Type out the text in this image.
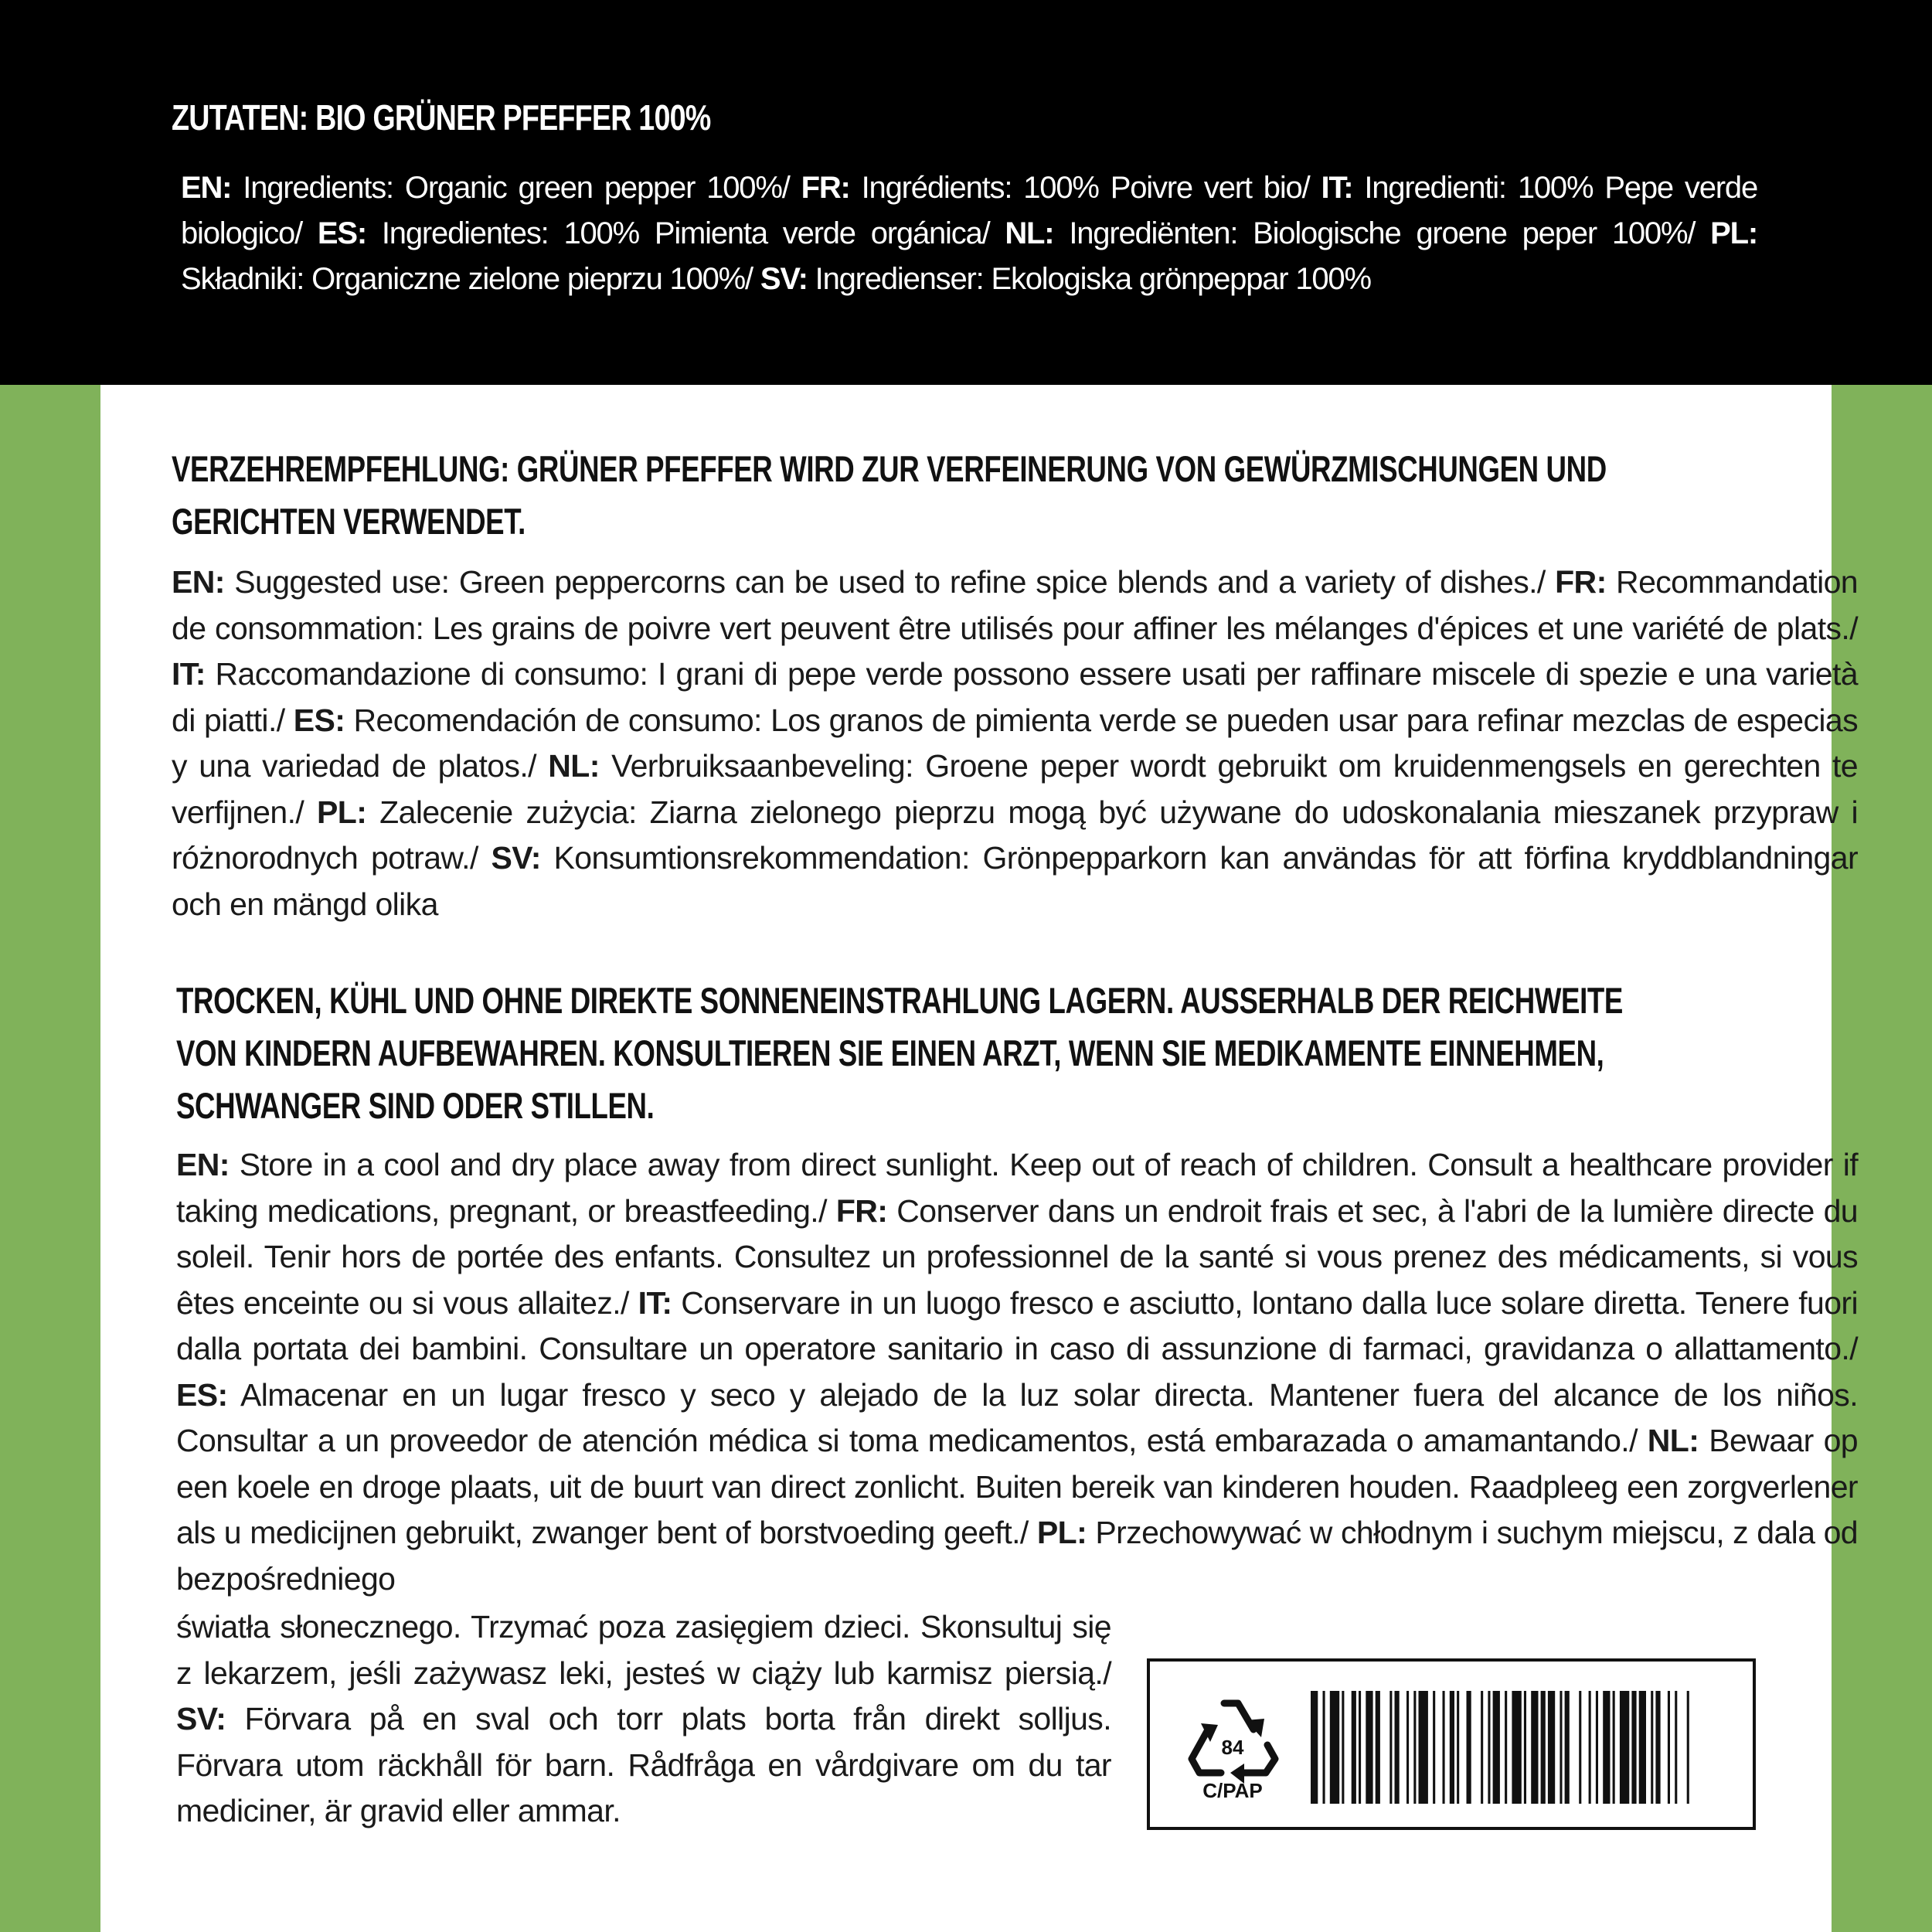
ZUTATEN: BIO GRÜNER PFEFFER 100%

EN: Ingredients: Organic green pepper 100%/ FR: Ingrédients: 100% Poivre vert bio/ IT: Ingredienti: 100% Pepe verde biologico/ ES: Ingredientes: 100% Pimienta verde orgánica/ NL: Ingrediënten: Biologische groene peper 100%/ PL: Składniki: Organiczne zielone pieprzu 100%/ SV: Ingredienser: Ekologiska grönpeppar 100%

VERZEHREMPFEHLUNG: GRÜNER PFEFFER WIRD ZUR VERFEINERUNG VON GEWÜRZMISCHUNGEN UND
GERICHTEN VERWENDET.

EN: Suggested use: Green peppercorns can be used to refine spice blends and a variety of dishes./ FR: Recommandation de consommation: Les grains de poivre vert peuvent être utilisés pour affiner les mélanges d'épices et une variété de plats./ IT: Raccomandazione di consumo: I grani di pepe verde possono essere usati per raffinare miscele di spezie e una varietà di piatti./ ES: Recomendación de consumo: Los granos de pimienta verde se pueden usar para refinar mezclas de especias y una variedad de platos./ NL: Verbruiksaanbeveling: Groene peper wordt gebruikt om kruidenmengsels en gerechten te verfijnen./ PL: Zalecenie zużycia: Ziarna zielonego pieprzu mogą być używane do udoskonalania mieszanek przypraw i różnorodnych potraw./ SV: Konsumtionsrekommendation: Grönpepparkorn kan användas för att förfina kryddblandningar och en mängd olika

TROCKEN, KÜHL UND OHNE DIREKTE SONNENEINSTRAHLUNG LAGERN. AUSSERHALB DER REICHWEITE
VON KINDERN AUFBEWAHREN. KONSULTIEREN SIE EINEN ARZT, WENN SIE MEDIKAMENTE EINNEHMEN,
SCHWANGER SIND ODER STILLEN.

EN: Store in a cool and dry place away from direct sunlight. Keep out of reach of children. Consult a healthcare provider if taking medications, pregnant, or breastfeeding./ FR: Conserver dans un endroit frais et sec, à l'abri de la lumière directe du soleil. Tenir hors de portée des enfants. Consultez un professionnel de la santé si vous prenez des médicaments, si vous êtes enceinte ou si vous allaitez./ IT: Conservare in un luogo fresco e asciutto, lontano dalla luce solare diretta. Tenere fuori dalla portata dei bambini. Consultare un operatore sanitario in caso di assunzione di farmaci, gravidanza o allattamento./ ES: Almacenar en un lugar fresco y seco y alejado de la luz solar directa. Mantener fuera del alcance de los niños. Consultar a un proveedor de atención médica si toma medicamentos, está embarazada o amamantando./ NL: Bewaar op een koele en droge plaats, uit de buurt van direct zonlicht. Buiten bereik van kinderen houden. Raadpleeg een zorgverlener als u medicijnen gebruikt, zwanger bent of borstvoeding geeft./ PL: Przechowywać w chłodnym i suchym miejscu, z dala od bezpośredniego

światła słonecznego. Trzymać poza zasięgiem dzieci. Skonsultuj się z lekarzem, jeśli zażywasz leki, jesteś w ciąży lub karmisz piersią./ SV: Förvara på en sval och torr plats borta från direkt solljus. Förvara utom räckhåll för barn. Rådfråga en vårdgivare om du tar mediciner, är gravid eller ammar.

84
C/PAP
